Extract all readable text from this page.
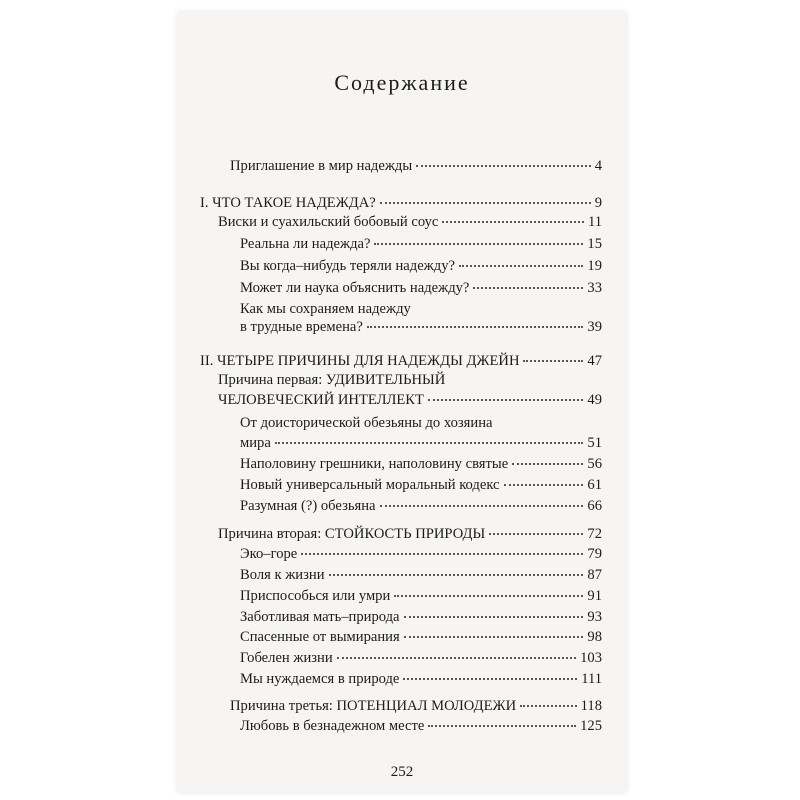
Содержание
Приглашение в мир надежды	4
I. ЧТО ТАКОЕ НАДЕЖДА?	9
Виски и суахильский бобовый соус	11
Реальна ли надежда?	15
Вы когда–нибудь теряли надежду?	19
Может ли наука объяснить надежду?	33
Как мы сохраняем надежду
в трудные времена?	39
II. ЧЕТЫРЕ ПРИЧИНЫ ДЛЯ НАДЕЖДЫ ДЖЕЙН	47
Причина первая: УДИВИТЕЛЬНЫЙ
ЧЕЛОВЕЧЕСКИЙ ИНТЕЛЛЕКТ	49
От доисторической обезьяны до хозяина
мира	51
Наполовину грешники, наполовину святые	56
Новый универсальный моральный кодекс	61
Разумная (?) обезьяна	66
Причина вторая: СТОЙКОСТЬ ПРИРОДЫ	72
Эко–горе	79
Воля к жизни	87
Приспособься или умри	91
Заботливая мать–природа	93
Спасенные от вымирания	98
Гобелен жизни	103
Мы нуждаемся в природе	111
Причина третья: ПОТЕНЦИАЛ МОЛОДЕЖИ	118
Любовь в безнадежном месте	125
252
